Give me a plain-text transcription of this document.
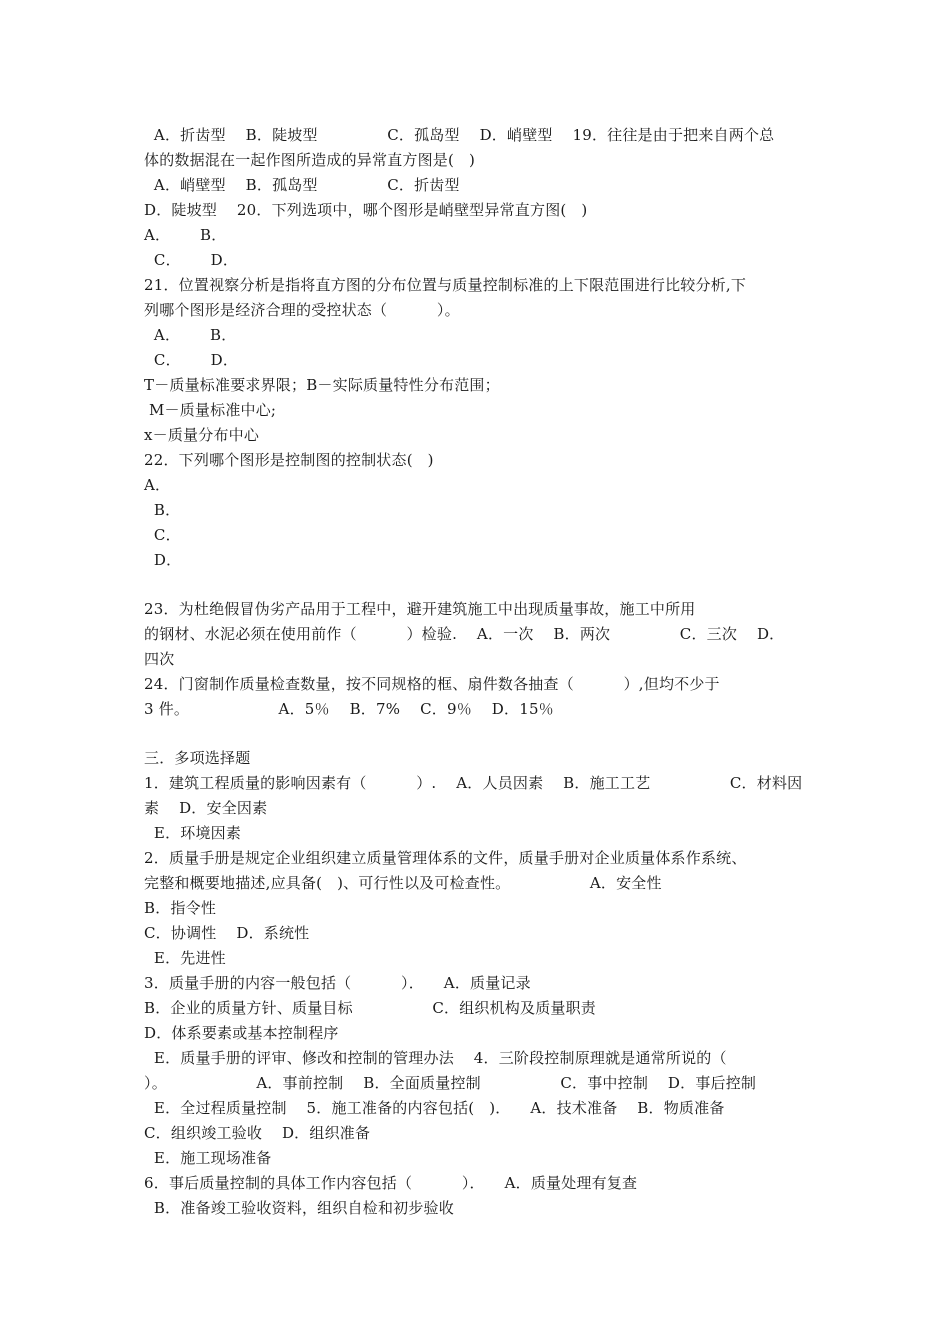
A．折齿型    B．陡坡型              C．孤岛型    D．峭壁型    19．往往是由于把来自两个总
体的数据混在一起作图所造成的异常直方图是(   )
A．峭壁型    B．孤岛型              C．折齿型
D．陡坡型    20．下列选项中，哪个图形是峭壁型异常直方图(   )
A．      B．
C．      D．
21．位置视察分析是指将直方图的分布位置与质量控制标准的上下限范围进行比较分析,下
列哪个图形是经济合理的受控状态（          ）。
A．      B．
C．      D．
T－质量标准要求界限；B－实际质量特性分布范围；
M－质量标准中心;
x－质量分布中心
22．下列哪个图形是控制图的控制状态(   )
A．
B．
C．
D．
23．为杜绝假冒伪劣产品用于工程中，避开建筑施工中出现质量事故，施工中所用
的钢材、水泥必须在使用前作（          ）检验.    A．一次    B．两次              C．三次    D．
四次
24．门窗制作质量检查数量，按不同规格的框、扇件数各抽查（          ）,但均不少于
3 件。                  A．5％    B．7%    C．9％    D．15％
三．多项选择题
1．建筑工程质量的影响因素有（          ）.    A．人员因素    B．施工工艺                C．材料因
素    D．安全因素
E．环境因素
2．质量手册是规定企业组织建立质量管理体系的文件，质量手册对企业质量体系作系统、
完整和概要地描述,应具备(   )、可行性以及可检查性。                A．安全性
B．指令性
C．协调性    D．系统性
E．先进性
3．质量手册的内容一般包括（          ）．    A．质量记录
B．企业的质量方针、质量目标                C．组织机构及质量职责
D．体系要素或基本控制程序
E．质量手册的评审、修改和控制的管理办法    4．三阶段控制原理就是通常所说的（
）。                  A．事前控制    B．全面质量控制                C．事中控制    D．事后控制
E．全过程质量控制    5．施工准备的内容包括(   )．    A．技术准备    B．物质准备
C．组织竣工验收    D．组织准备
E．施工现场准备
6．事后质量控制的具体工作内容包括（          ）．    A．质量处理有复查
B．准备竣工验收资料，组织自检和初步验收
